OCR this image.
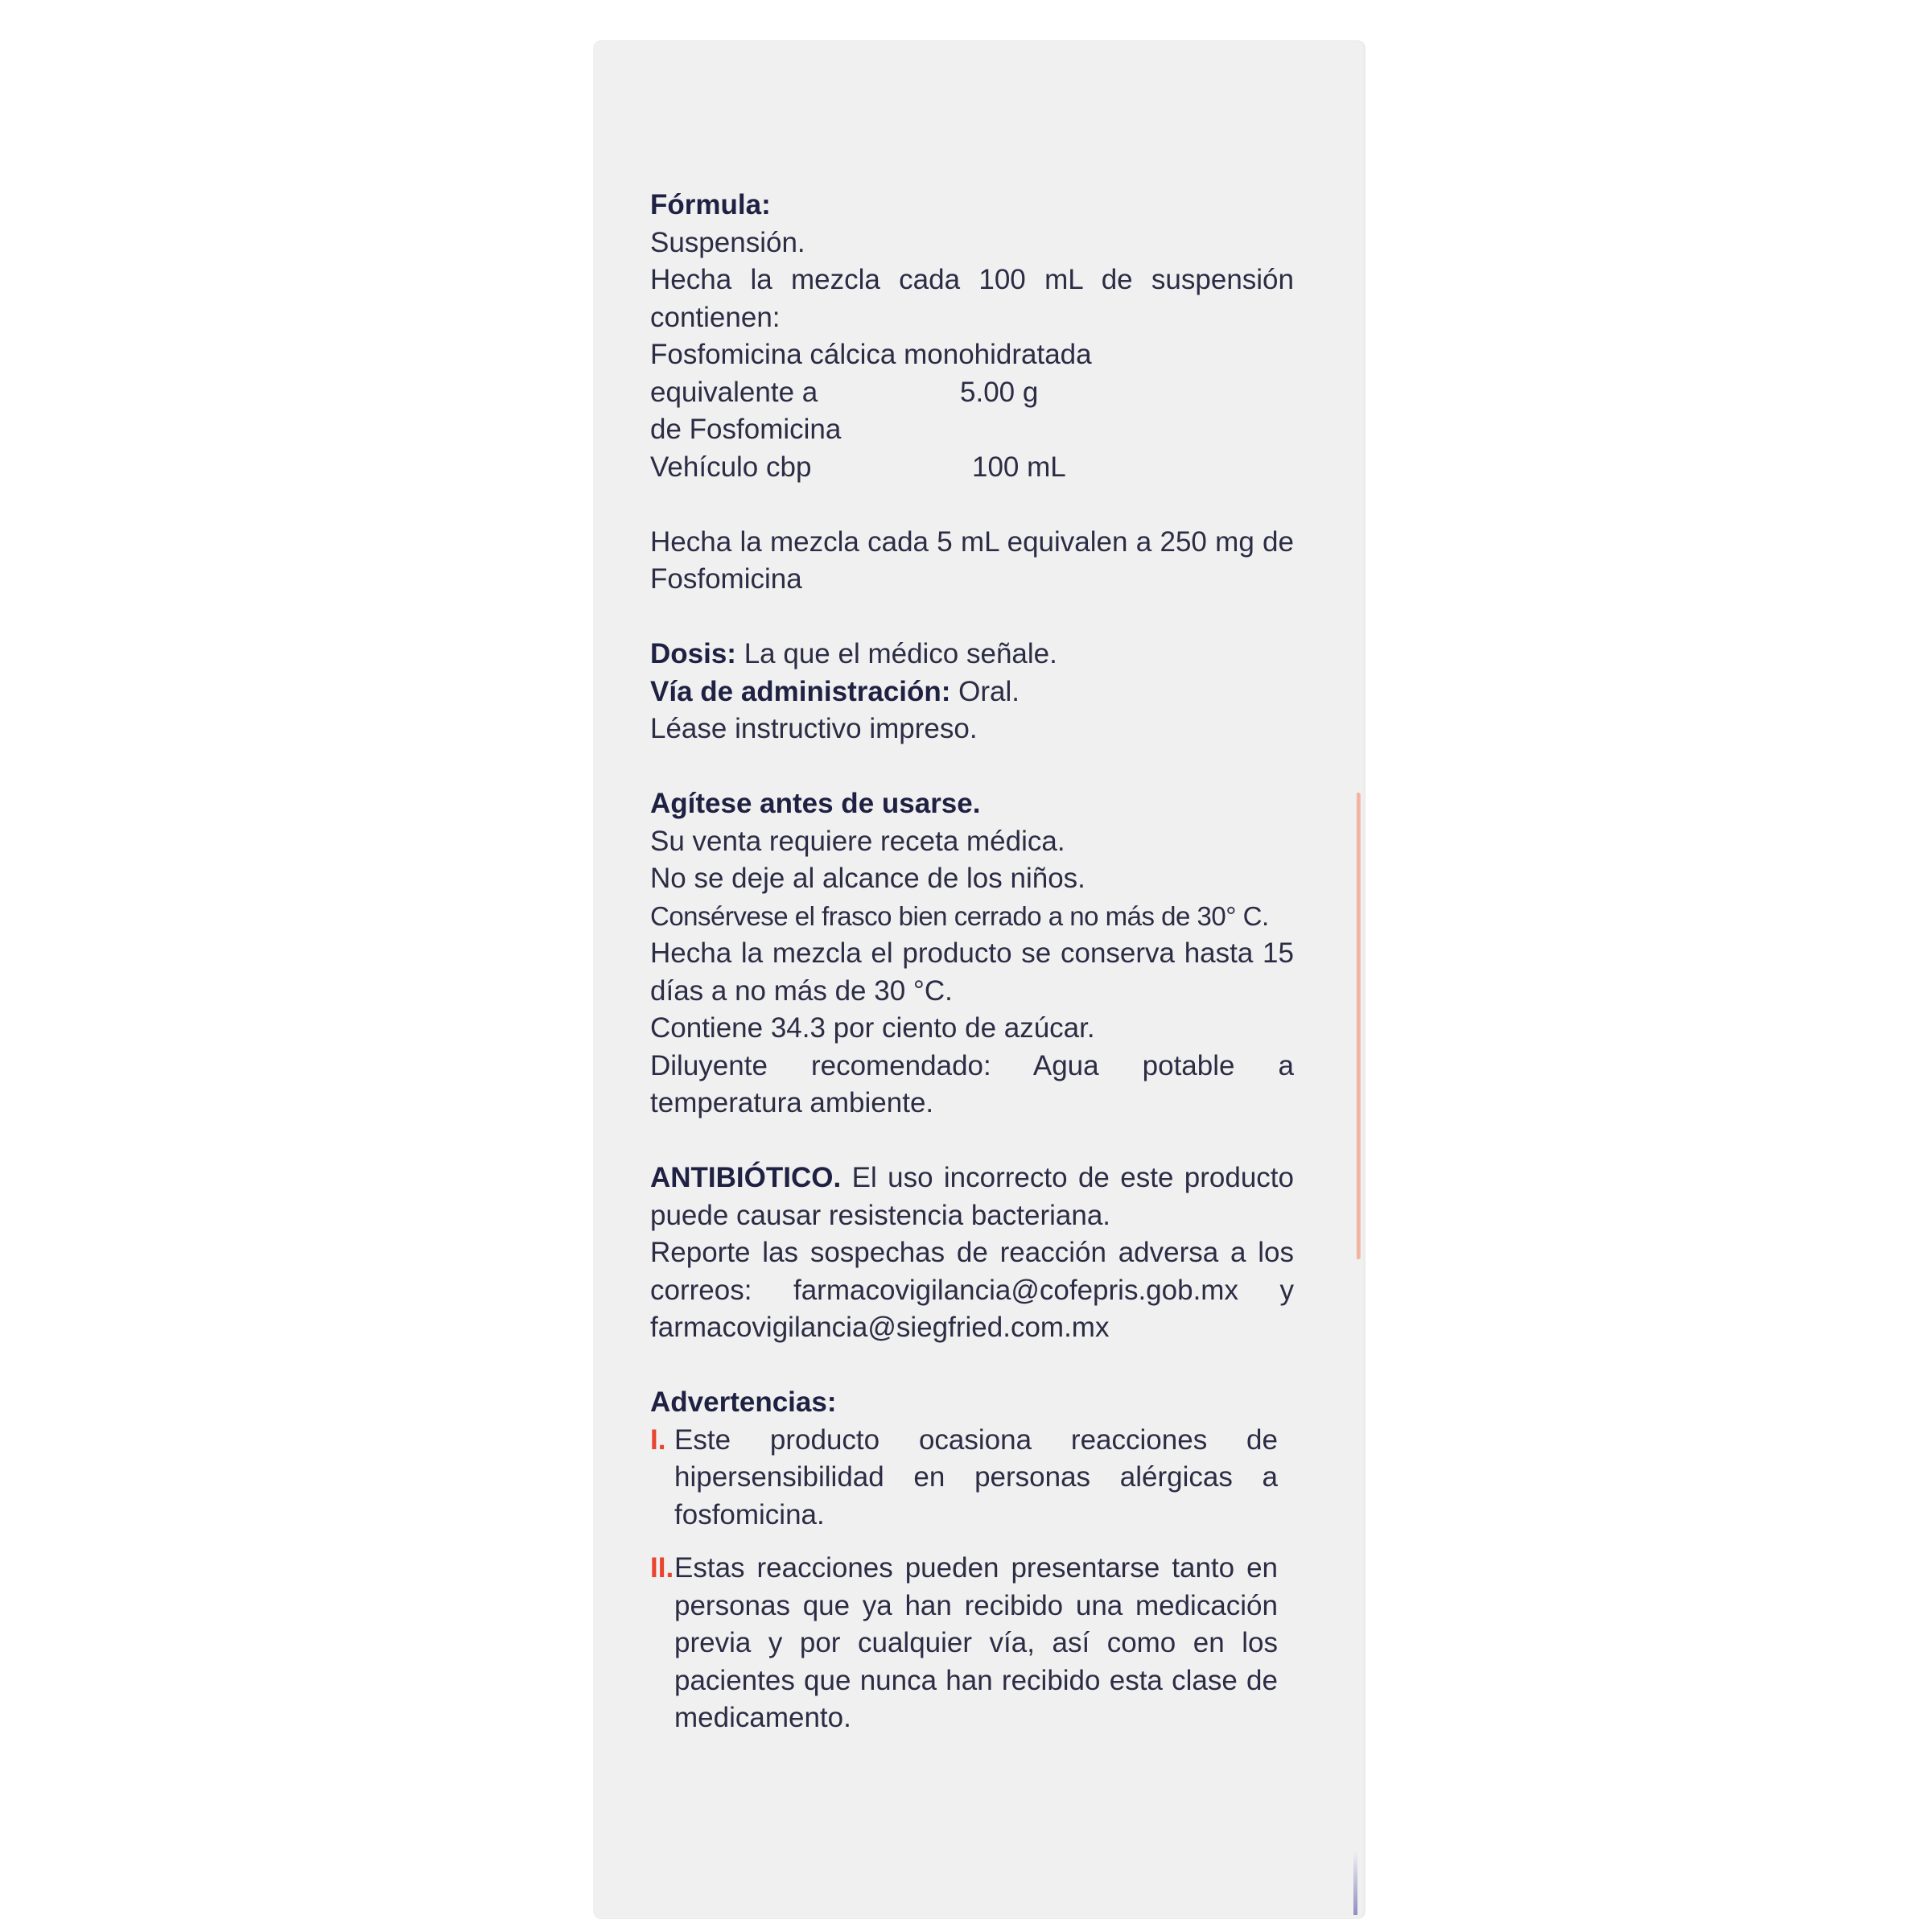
Fórmula:
Suspensión.
Hecha la mezcla cada 100 mL de suspensión contienen:
Fosfomicina cálcica monohidratada
equivalente a	5.00 g
de Fosfomicina
Vehículo cbp	100 mL
Hecha la mezcla cada 5 mL equivalen a 250 mg de Fosfomicina
Dosis: La que el médico señale.
Vía de administración: Oral.
Léase instructivo impreso.
Agítese antes de usarse.
Su venta requiere receta médica.
No se deje al alcance de los niños.
Consérvese el frasco bien cerrado a no más de 30° C.
Hecha la mezcla el producto se conserva hasta 15 días a no más de 30 °C.
Contiene 34.3 por ciento de azúcar.
Diluyente recomendado: Agua potable a temperatura ambiente.
ANTIBIÓTICO. El uso incorrecto de este producto puede causar resistencia bacteriana.
Reporte las sospechas de reacción adversa a los correos: farmacovigilancia@cofepris.gob.mx y farmacovigilancia@siegfried.com.mx
Advertencias:
I. Este producto ocasiona reacciones de hipersensibilidad en personas alérgicas a fosfomicina.
II. Estas reacciones pueden presentarse tanto en personas que ya han recibido una medicación previa y por cualquier vía, así como en los pacientes que nunca han recibido esta clase de medicamento.
